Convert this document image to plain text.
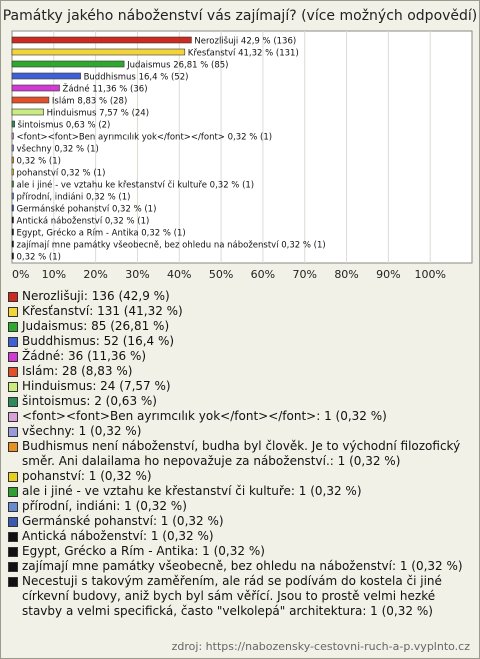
Památky jakého náboženství vás zajímají? (více možných odpovědí)
0% 10% 20% 30% 40% 50% 60% 70% 80% 90% 100%
Nerozlišuji 42,9 % (136)
Křesťanství 41,32 % (131)
Judaismus 26,81 % (85)
Buddhismus 16,4 % (52)
Žádné 11,36 % (36)
Islám 8,83 % (28)
Hinduismus 7,57 % (24)
šintoismus 0,63 % (2)
<font><font>Ben ayrımcılık yok</font></font> 0,32 % (1)
všechny 0,32 % (1)
0,32 % (1)
pohanství 0,32 % (1)
ale i jiné - ve vztahu ke křestanství či kultuře 0,32 % (1)
přírodní, indiáni 0,32 % (1)
Germánské pohanství 0,32 % (1)
Antická náboženství 0,32 % (1)
Egypt, Grécko a Rím - Antika 0,32 % (1)
zajímají mne památky všeobecně, bez ohledu na náboženství 0,32 % (1)
0,32 % (1)
Nerozlišuji: 136 (42,9 %)
Křesťanství: 131 (41,32 %)
Judaismus: 85 (26,81 %)
Buddhismus: 52 (16,4 %)
Žádné: 36 (11,36 %)
Islám: 28 (8,83 %)
Hinduismus: 24 (7,57 %)
šintoismus: 2 (0,63 %)
<font><font>Ben ayrımcılık yok</font></font>: 1 (0,32 %)
všechny: 1 (0,32 %)
Budhismus není náboženství, budha byl člověk. Je to východní filozofický směr. Ani dalailama ho nepovažuje za náboženství.: 1 (0,32 %)
pohanství: 1 (0,32 %)
ale i jiné - ve vztahu ke křestanství či kultuře: 1 (0,32 %)
přírodní, indiáni: 1 (0,32 %)
Germánské pohanství: 1 (0,32 %)
Antická náboženství: 1 (0,32 %)
Egypt, Grécko a Rím - Antika: 1 (0,32 %)
zajímají mne památky všeobecně, bez ohledu na náboženství: 1 (0,32 %)
Necestuji s takovým zaměřením, ale rád se podívám do kostela či jiné církevní budovy, aniž bych byl sám věřící. Jsou to prostě velmi hezké stavby a velmi specifická, často "velkolepá" architektura: 1 (0,32 %)
zdroj: https://nabozensky-cestovni-ruch-a-p.vyplnto.cz
